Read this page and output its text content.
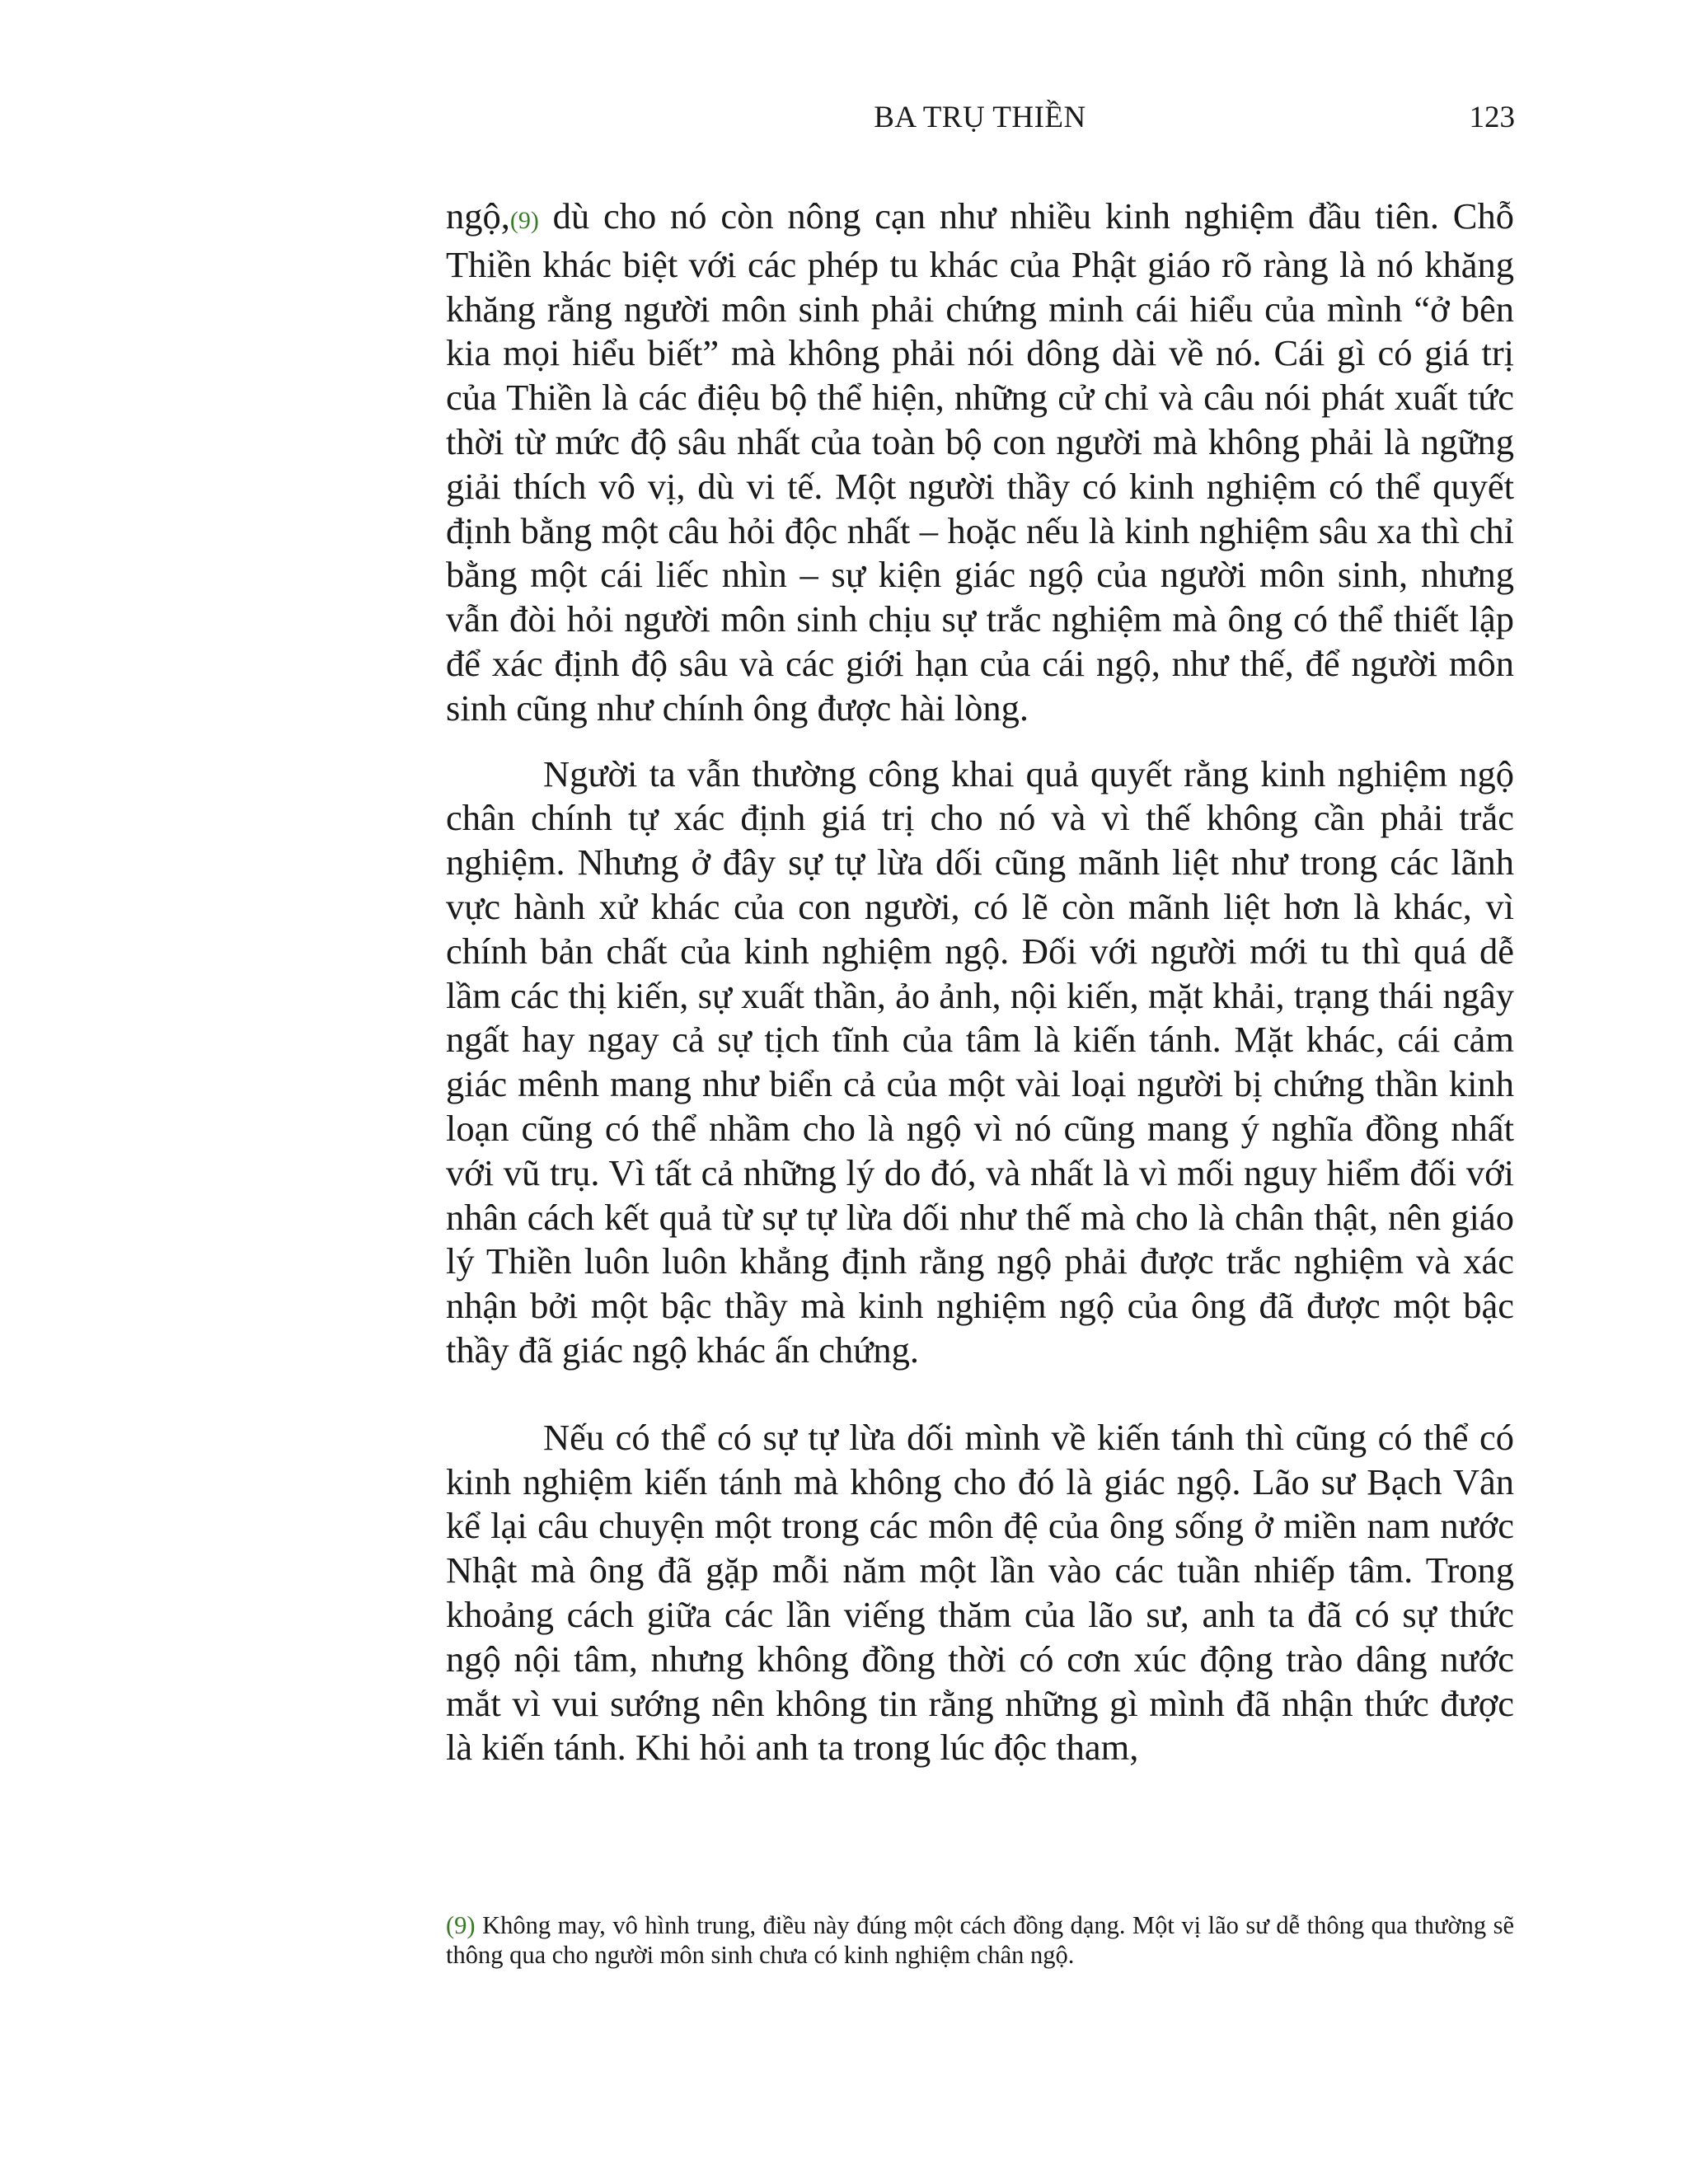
BA TRỤ THIỀN	123

ngộ,(9) dù cho nó còn nông cạn như nhiều kinh nghiệm đầu tiên. Chỗ Thiền khác biệt với các phép tu khác của Phật giáo rõ ràng là nó khăng khăng rằng người môn sinh phải chứng minh cái hiểu của mình “ở bên kia mọi hiểu biết” mà không phải nói dông dài về nó. Cái gì có giá trị của Thiền là các điệu bộ thể hiện, những cử chỉ và câu nói phát xuất tức thời từ mức độ sâu nhất của toàn bộ con người mà không phải là ngững giải thích vô vị, dù vi tế. Một người thầy có kinh nghiệm có thể quyết định bằng một câu hỏi độc nhất – hoặc nếu là kinh nghiệm sâu xa thì chỉ bằng một cái liếc nhìn – sự kiện giác ngộ của người môn sinh, nhưng vẫn đòi hỏi người môn sinh chịu sự trắc nghiệm mà ông có thể thiết lập để xác định độ sâu và các giới hạn của cái ngộ, như thế, để người môn sinh cũng như chính ông được hài lòng.

Người ta vẫn thường công khai quả quyết rằng kinh nghiệm ngộ chân chính tự xác định giá trị cho nó và vì thế không cần phải trắc nghiệm. Nhưng ở đây sự tự lừa dối cũng mãnh liệt như trong các lãnh vực hành xử khác của con người, có lẽ còn mãnh liệt hơn là khác, vì chính bản chất của kinh nghiệm ngộ. Đối với người mới tu thì quá dễ lầm các thị kiến, sự xuất thần, ảo ảnh, nội kiến, mặt khải, trạng thái ngây ngất hay ngay cả sự tịch tĩnh của tâm là kiến tánh. Mặt khác, cái cảm giác mênh mang như biển cả của một vài loại người bị chứng thần kinh loạn cũng có thể nhầm cho là ngộ vì nó cũng mang ý nghĩa đồng nhất với vũ trụ. Vì tất cả những lý do đó, và nhất là vì mối nguy hiểm đối với nhân cách kết quả từ sự tự lừa dối như thế mà cho là chân thật, nên giáo lý Thiền luôn luôn khẳng định rằng ngộ phải được trắc nghiệm và xác nhận bởi một bậc thầy mà kinh nghiệm ngộ của ông đã được một bậc thầy đã giác ngộ khác ấn chứng.

Nếu có thể có sự tự lừa dối mình về kiến tánh thì cũng có thể có kinh nghiệm kiến tánh mà không cho đó là giác ngộ. Lão sư Bạch Vân kể lại câu chuyện một trong các môn đệ của ông sống ở miền nam nước Nhật mà ông đã gặp mỗi năm một lần vào các tuần nhiếp tâm. Trong khoảng cách giữa các lần viếng thăm của lão sư, anh ta đã có sự thức ngộ nội tâm, nhưng không đồng thời có cơn xúc động trào dâng nước mắt vì vui sướng nên không tin rằng những gì mình đã nhận thức được là kiến tánh. Khi hỏi anh ta trong lúc độc tham,

(9) Không may, vô hình trung, điều này đúng một cách đồng dạng. Một vị lão sư dễ thông qua thường sẽ thông qua cho người môn sinh chưa có kinh nghiệm chân ngộ.
